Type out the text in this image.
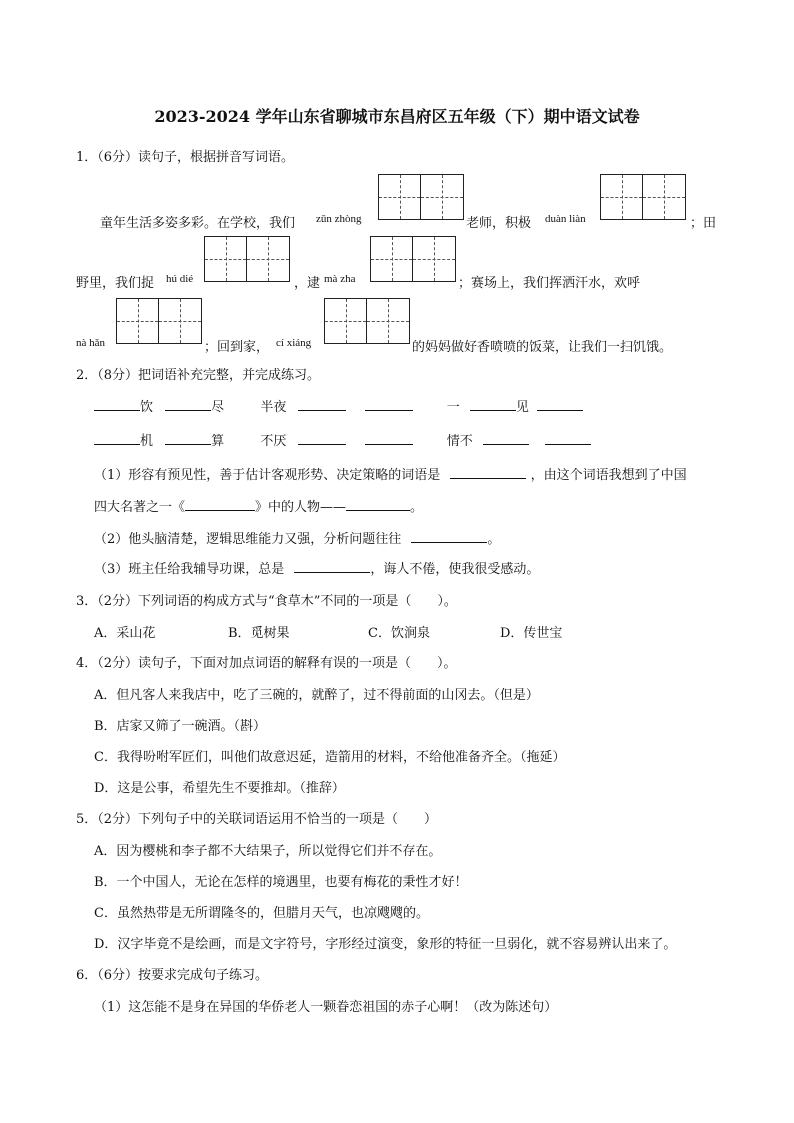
2023-2024 学年山东省聊城市东昌府区五年级（下）期中语文试卷
1．（6分）读句子，根据拼音写词语。
童年生活多姿多彩。在学校，我们 zūn zhòng	老师，积极 duàn liàn	；田
野里，我们捉 hú dié	，逮 mà zha	；赛场上，我们挥洒汗水，欢呼
nà hǎn	；回到家， cí xiáng	的妈妈做好香喷喷的饭菜，让我们一扫饥饿。
2．（8分）把词语补充完整，并完成练习。
饮	尽	半夜	一	见
机	算	不厌	情不
（1）形容有预见性，善于估计客观形势、决定策略的词语是	，由这个词语我想到了中国
四大名著之一《	》中的人物——	。
（2）他头脑清楚，逻辑思维能力又强，分析问题往往	。
（3）班主任给我辅导功课，总是	，诲人不倦，使我很受感动。
3．（2分）下列词语的构成方式与“食草木”不同的一项是（　　）。
A．采山花	B．觅树果	C．饮涧泉	D．传世宝
4．（2分）读句子，下面对加点词语的解释有误的一项是（　　）。
A．但凡客人来我店中，吃了三碗的，就醉了，过不得前面的山冈去。（但是）
B．店家又筛了一碗酒。（斟）
C．我得吩咐军匠们，叫他们故意迟延，造箭用的材料，不给他准备齐全。（拖延）
D．这是公事，希望先生不要推却。（推辞）
5．（2分）下列句子中的关联词语运用不恰当的一项是（　　）
A．因为樱桃和李子都不大结果子，所以觉得它们并不存在。
B．一个中国人，无论在怎样的境遇里，也要有梅花的秉性才好！
C．虽然热带是无所谓隆冬的，但腊月天气，也凉飕飕的。
D．汉字毕竟不是绘画，而是文字符号，字形经过演变，象形的特征一旦弱化，就不容易辨认出来了。
6．（6分）按要求完成句子练习。
（1）这怎能不是身在异国的华侨老人一颗眷恋祖国的赤子心啊！（改为陈述句）
